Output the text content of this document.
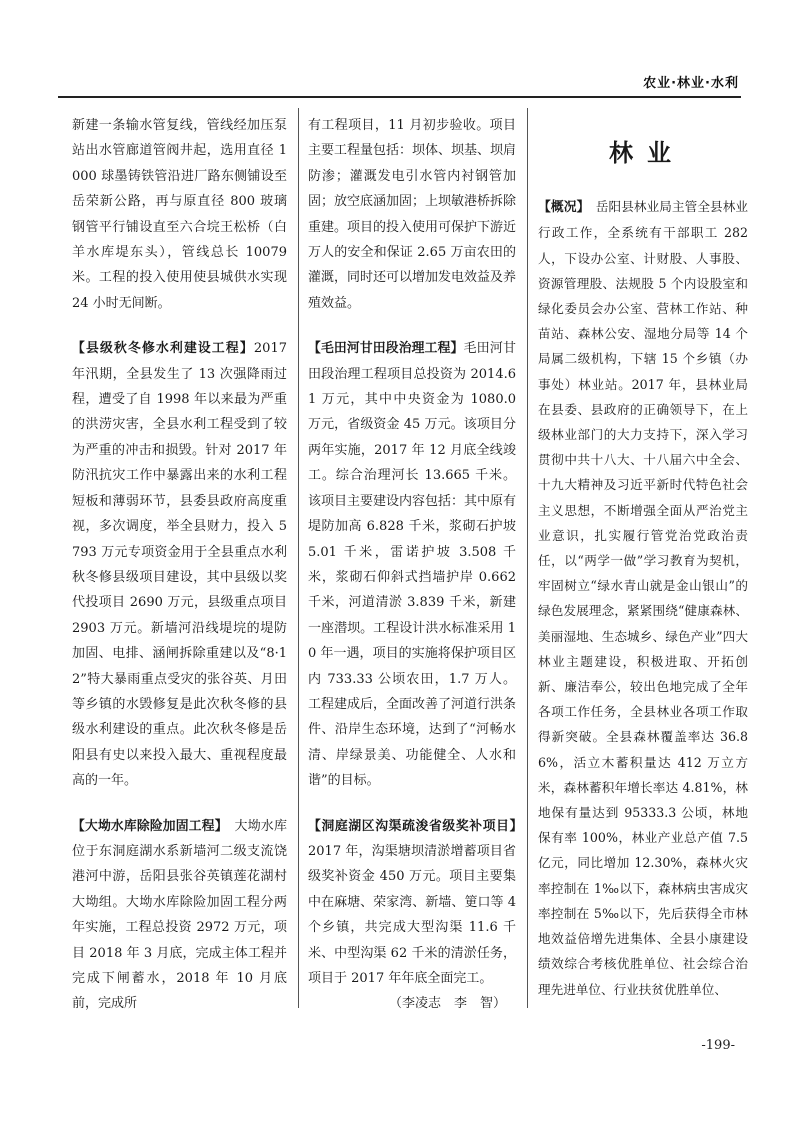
农业·林业·水利

新建一条输水管复线，管线经加压泵站出水管廊道管阀井起，选用直径 1000 球墨铸铁管沿进厂路东侧铺设至岳荣新公路，再与原直径 800 玻璃钢管平行铺设直至六合垸王松桥（白羊水库堤东头），管线总长 10079 米。工程的投入使用使县城供水实现 24 小时无间断。

【县级秋冬修水利建设工程】2017 年汛期，全县发生了 13 次强降雨过程，遭受了自 1998 年以来最为严重的洪涝灾害，全县水利工程受到了较为严重的冲击和损毁。针对 2017 年防汛抗灾工作中暴露出来的水利工程短板和薄弱环节，县委县政府高度重视，多次调度，举全县财力，投入 5793 万元专项资金用于全县重点水利秋冬修县级项目建设，其中县级以奖代投项目 2690 万元，县级重点项目 2903 万元。新墙河沿线堤垸的堤防加固、电排、涵闸拆除重建以及“8·12”特大暴雨重点受灾的张谷英、月田等乡镇的水毁修复是此次秋冬修的县级水利建设的重点。此次秋冬修是岳阳县有史以来投入最大、重视程度最高的一年。

【大坳水库除险加固工程】　 大坳水库位于东洞庭湖水系新墙河二级支流饶港河中游，岳阳县张谷英镇莲花湖村大坳组。大坳水库除险加固工程分两年实施，工程总投资 2972 万元，项目 2018 年 3 月底，完成主体工程并完成下闸蓄水，2018 年 10 月底前，完成所

有工程项目，11 月初步验收。项目主要工程量包括：坝体、坝基、坝肩防渗；灌溉发电引水管内衬钢管加固；放空底涵加固；上坝敏港桥拆除重建。项目的投入使用可保护下游近万人的安全和保证 2.65 万亩农田的灌溉，同时还可以增加发电效益及养殖效益。

【毛田河甘田段治理工程】毛田河甘田段治理工程项目总投资为 2014.61 万元，其中中央资金为 1080.0 万元，省级资金 45 万元。该项目分两年实施，2017 年 12 月底全线竣工。综合治理河长 13.665 千米。该项目主要建设内容包括：其中原有堤防加高 6.828 千米，浆砌石护坡 5.01 千米，雷诺护坡 3.508 千米，浆砌石仰斜式挡墙护岸 0.662 千米，河道清淤 3.839 千米，新建一座潜坝。工程设计洪水标准采用 10 年一遇，项目的实施将保护项目区内 733.33 公顷农田，1.7 万人。工程建成后，全面改善了河道行洪条件、沿岸生态环境，达到了“河畅水清、岸绿景美、功能健全、人水和谐”的目标。

【洞庭湖区沟渠疏浚省级奖补项目】　2017 年，沟渠塘坝清淤增蓄项目省级奖补资金 450 万元。项目主要集中在麻塘、荣家湾、新墙、筻口等 4 个乡镇，共完成大型沟渠 11.6 千米、中型沟渠 62 千米的清淤任务，项目于 2017 年年底全面完工。

（李凌志　李　智）

林业

【概况】　 岳阳县林业局主管全县林业行政工作，全系统有干部职工 282 人，下设办公室、计财股、人事股、资源管理股、法规股 5 个内设股室和绿化委员会办公室、营林工作站、种苗站、森林公安、湿地分局等 14 个局属二级机构，下辖 15 个乡镇（办事处）林业站。2017 年，县林业局在县委、县政府的正确领导下，在上级林业部门的大力支持下，深入学习贯彻中共十八大、十八届六中全会、十九大精神及习近平新时代特色社会主义思想，不断增强全面从严治党主业意识，扎实履行管党治党政治责任，以“两学一做”学习教育为契机，牢固树立“绿水青山就是金山银山”的绿色发展理念，紧紧围绕“健康森林、美丽湿地、生态城乡、绿色产业”四大林业主题建设，积极进取、开拓创新、廉洁奉公，较出色地完成了全年各项工作任务，全县林业各项工作取得新突破。全县森林覆盖率达 36.86%，活立木蓄积量达 412 万立方米，森林蓄积年增长率达 4.81%，林地保有量达到 95333.3 公顷，林地保有率 100%，林业产业总产值 7.5 亿元，同比增加 12.30%，森林火灾率控制在 1‰以下，森林病虫害成灾率控制在 5‰以下，先后获得全市林地效益倍增先进集体、全县小康建设绩效综合考核优胜单位、社会综合治理先进单位、行业扶贫优胜单位、

-199-
